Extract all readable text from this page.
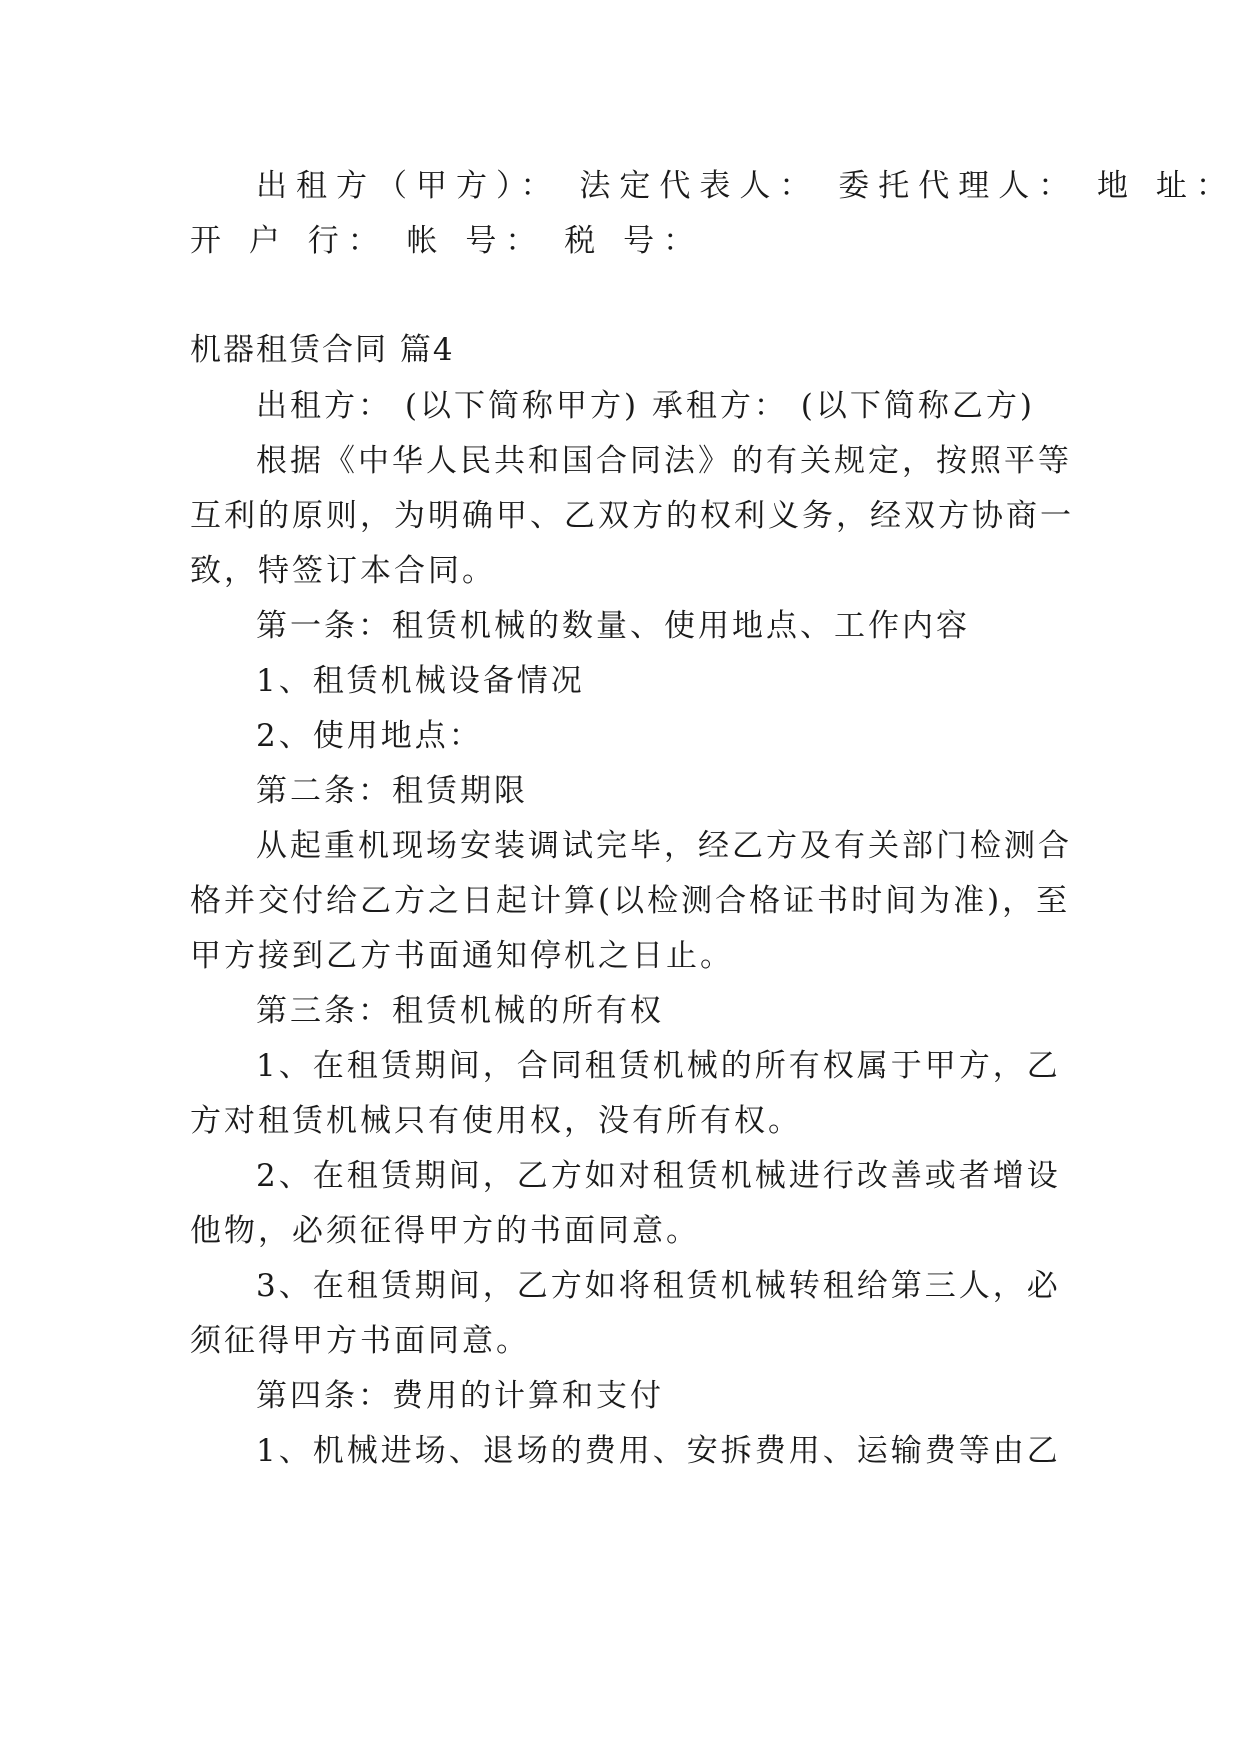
出租方（甲方）： 法定代表人： 委托代理人： 地 址：
开 户 行： 帐 号： 税 号：
机器租赁合同 篇4
出租方： (以下简称甲方) 承租方： (以下简称乙方)
根据《中华人民共和国合同法》的有关规定，按照平等
互利的原则，为明确甲、乙双方的权利义务，经双方协商一
致，特签订本合同。
第一条：租赁机械的数量、使用地点、工作内容
1、租赁机械设备情况
2、使用地点：
第二条：租赁期限
从起重机现场安装调试完毕，经乙方及有关部门检测合
格并交付给乙方之日起计算(以检测合格证书时间为准)，至
甲方接到乙方书面通知停机之日止。
第三条：租赁机械的所有权
1、在租赁期间，合同租赁机械的所有权属于甲方，乙
方对租赁机械只有使用权，没有所有权。
2、在租赁期间，乙方如对租赁机械进行改善或者增设
他物，必须征得甲方的书面同意。
3、在租赁期间，乙方如将租赁机械转租给第三人，必
须征得甲方书面同意。
第四条：费用的计算和支付
1、机械进场、退场的费用、安拆费用、运输费等由乙
